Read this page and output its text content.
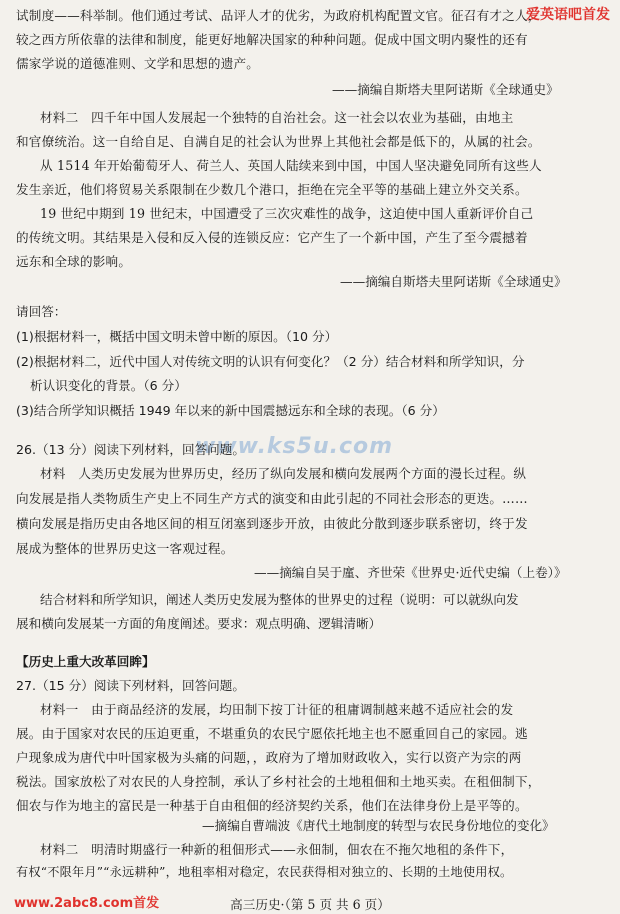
爱英语吧首发
www.ks5u.com
试制度——科举制。他们通过考试、品评人才的优劣，为政府机构配置文官。征召有才之人，
较之西方所依靠的法律和制度，能更好地解决国家的种种问题。促成中国文明内聚性的还有
儒家学说的道德准则、文学和思想的遗产。
——摘编自斯塔夫里阿诺斯《全球通史》
材料二　四千年中国人发展起一个独特的自治社会。这一社会以农业为基础，由地主
和官僚统治。这一自给自足、自满自足的社会认为世界上其他社会都是低下的，从属的社会。
从 1514 年开始葡萄牙人、荷兰人、英国人陆续来到中国，中国人坚决避免同所有这些人
发生亲近，他们将贸易关系限制在少数几个港口，拒绝在完全平等的基础上建立外交关系。
19 世纪中期到 19 世纪末，中国遭受了三次灾难性的战争，这迫使中国人重新评价自己
的传统文明。其结果是入侵和反入侵的连锁反应：它产生了一个新中国，产生了至今震撼着
远东和全球的影响。
——摘编自斯塔夫里阿诺斯《全球通史》
请回答：
(1)根据材料一，概括中国文明未曾中断的原因。（10 分）
(2)根据材料二，近代中国人对传统文明的认识有何变化？（2 分）结合材料和所学知识，分
析认识变化的背景。（6 分）
(3)结合所学知识概括 1949 年以来的新中国震撼远东和全球的表现。（6 分）
26.（13 分）阅读下列材料，回答问题。
材料　人类历史发展为世界历史，经历了纵向发展和横向发展两个方面的漫长过程。纵
向发展是指人类物质生产史上不同生产方式的演变和由此引起的不同社会形态的更迭。……
横向发展是指历史由各地区间的相互闭塞到逐步开放，由彼此分散到逐步联系密切，终于发
展成为整体的世界历史这一客观过程。
——摘编自吴于廑、齐世荣《世界史·近代史编（上卷）》
结合材料和所学知识，阐述人类历史发展为整体的世界史的过程（说明：可以就纵向发
展和横向发展某一方面的角度阐述。要求：观点明确、逻辑清晰）
【历史上重大改革回眸】
27.（15 分）阅读下列材料，回答问题。
材料一　由于商品经济的发展，均田制下按丁计征的租庸调制越来越不适应社会的发
展。由于国家对农民的压迫更重，不堪重负的农民宁愿依托地主也不愿重回自己的家园。逃
户现象成为唐代中叶国家极为头痛的问题，，政府为了增加财政收入，实行以资产为宗的两
税法。国家放松了对农民的人身控制，承认了乡村社会的土地租佃和土地买卖。在租佃制下，
佃农与作为地主的富民是一种基于自由租佃的经济契约关系，他们在法律身份上是平等的。
—摘编自曹端波《唐代土地制度的转型与农民身份地位的变化》
材料二　明清时期盛行一种新的租佃形式——永佃制，佃农在不拖欠地租的条件下，
有权“不限年月”“永远耕种”，地租率相对稳定，农民获得相对独立的、长期的土地使用权。
高三历史·（第 5 页 共 6 页）
www.2abc8.com首发
